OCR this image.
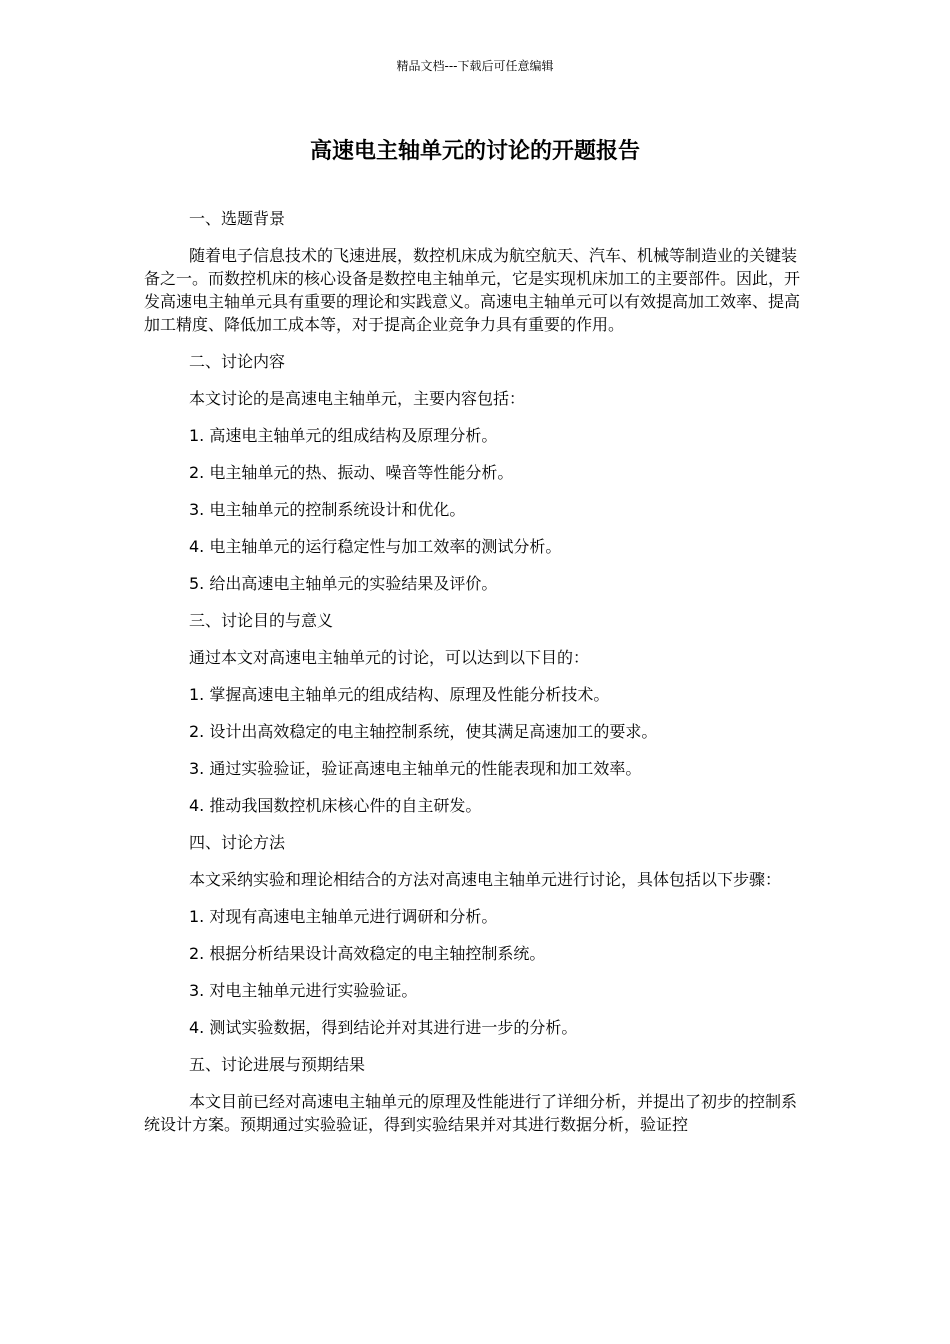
精品文档---下载后可任意编辑
高速电主轴单元的讨论的开题报告

一、选题背景

随着电子信息技术的飞速进展，数控机床成为航空航天、汽车、机械等制造业的关键装备之一。而数控机床的核心设备是数控电主轴单元，它是实现机床加工的主要部件。因此，开发高速电主轴单元具有重要的理论和实践意义。高速电主轴单元可以有效提高加工效率、提高加工精度、降低加工成本等，对于提高企业竞争力具有重要的作用。

二、讨论内容

本文讨论的是高速电主轴单元，主要内容包括：

1. 高速电主轴单元的组成结构及原理分析。

2. 电主轴单元的热、振动、噪音等性能分析。

3. 电主轴单元的控制系统设计和优化。

4. 电主轴单元的运行稳定性与加工效率的测试分析。

5. 给出高速电主轴单元的实验结果及评价。

三、讨论目的与意义

通过本文对高速电主轴单元的讨论，可以达到以下目的：

1. 掌握高速电主轴单元的组成结构、原理及性能分析技术。

2. 设计出高效稳定的电主轴控制系统，使其满足高速加工的要求。

3. 通过实验验证，验证高速电主轴单元的性能表现和加工效率。

4. 推动我国数控机床核心件的自主研发。

四、讨论方法

本文采纳实验和理论相结合的方法对高速电主轴单元进行讨论，具体包括以下步骤：

1. 对现有高速电主轴单元进行调研和分析。

2. 根据分析结果设计高效稳定的电主轴控制系统。

3. 对电主轴单元进行实验验证。

4. 测试实验数据，得到结论并对其进行进一步的分析。

五、讨论进展与预期结果

本文目前已经对高速电主轴单元的原理及性能进行了详细分析，并提出了初步的控制系统设计方案。预期通过实验验证，得到实验结果并对其进行数据分析，验证控
